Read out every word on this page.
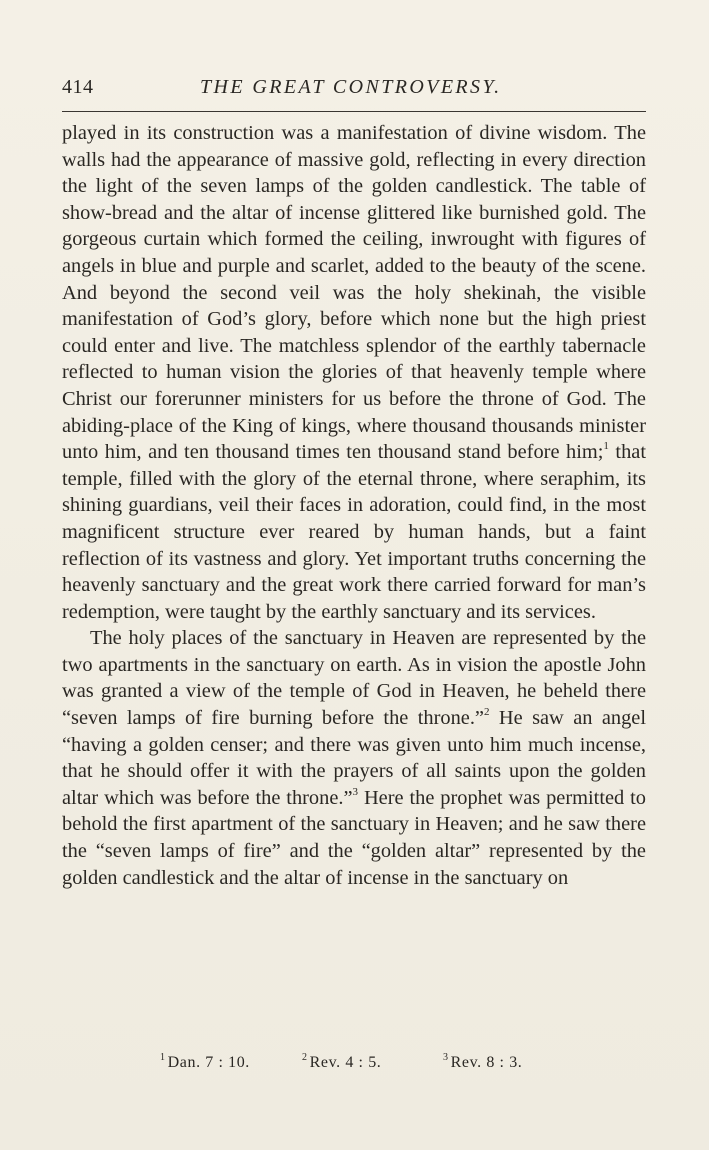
414	THE GREAT CONTROVERSY.

played in its construction was a manifestation of divine wisdom. The walls had the appearance of massive gold, reflecting in every direction the light of the seven lamps of the golden candlestick. The table of show-bread and the altar of incense glittered like burnished gold. The gorgeous curtain which formed the ceiling, inwrought with figures of angels in blue and purple and scarlet, added to the beauty of the scene. And beyond the second veil was the holy shekinah, the visible manifestation of God’s glory, before which none but the high priest could enter and live. The matchless splendor of the earthly tabernacle reflected to human vision the glories of that heavenly temple where Christ our forerunner ministers for us before the throne of God. The abiding-place of the King of kings, where thousand thousands minister unto him, and ten thousand times ten thousand stand before him;$^1$ that temple, filled with the glory of the eternal throne, where seraphim, its shining guardians, veil their faces in adoration, could find, in the most magnificent structure ever reared by human hands, but a faint reflection of its vastness and glory. Yet important truths concerning the heavenly sanctuary and the great work there carried forward for man’s redemption, were taught by the earthly sanctuary and its services.

The holy places of the sanctuary in Heaven are represented by the two apartments in the sanctuary on earth. As in vision the apostle John was granted a view of the temple of God in Heaven, he beheld there “seven lamps of fire burning before the throne.”$^2$ He saw an angel “having a golden censer; and there was given unto him much incense, that he should offer it with the prayers of all saints upon the golden altar which was before the throne.”$^3$ Here the prophet was permitted to behold the first apartment of the sanctuary in Heaven; and he saw there the “seven lamps of fire” and the “golden altar” represented by the golden candlestick and the altar of incense in the sanctuary on

$^1$ Dan. 7 : 10.	$^2$ Rev. 4 : 5.	$^3$ Rev. 8 : 3.
